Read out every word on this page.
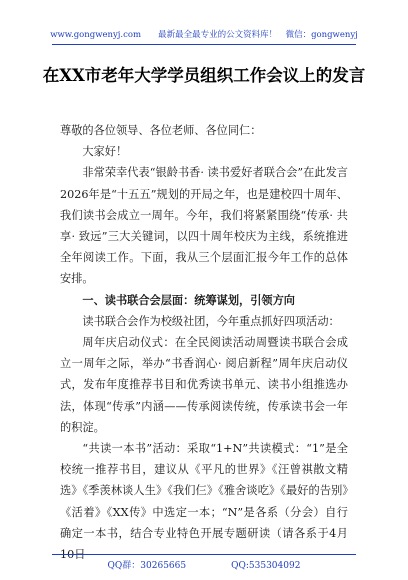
www.gongwenyj.com　　最新最全最专业的公文资料库！　微信：gongwenyj
在XX市老年大学学员组织工作会议上的发言

尊敬的各位领导、各位老师、各位同仁：

大家好！

非常荣幸代表“银龄书香· 读书爱好者联合会”在此发言2026年是“十五五”规划的开局之年，也是建校四十周年、我们读书会成立一周年。今年，我们将紧紧围绕“传承· 共享· 致远”三大关键词，以四十周年校庆为主线，系统推进全年阅读工作。下面，我从三个层面汇报今年工作的总体安排。

一、读书联合会层面：统筹谋划，引领方向

读书联合会作为校级社团，今年重点抓好四项活动：

周年庆启动仪式：在全民阅读活动周暨读书联合会成立一周年之际，举办“书香润心· 阅启新程”周年庆启动仪式，发布年度推荐书目和优秀读书单元、读书小组推选办法，体现“传承”内涵——传承阅读传统，传承读书会一年的积淀。

“共读一本书”活动：采取“1+N”共读模式：“1”是全校统一推荐书目，建议从《平凡的世界》《汪曾祺散文精选》《季羡林谈人生》《我们仨》《雅舍谈吃》《最好的告别》《活着》《XX传》中选定一本；“N”是各系（分会）自行确定一本书，结合专业特色开展专题研读（请各系于4月10日

QQ群：30265665　　　　　QQ:535304092
